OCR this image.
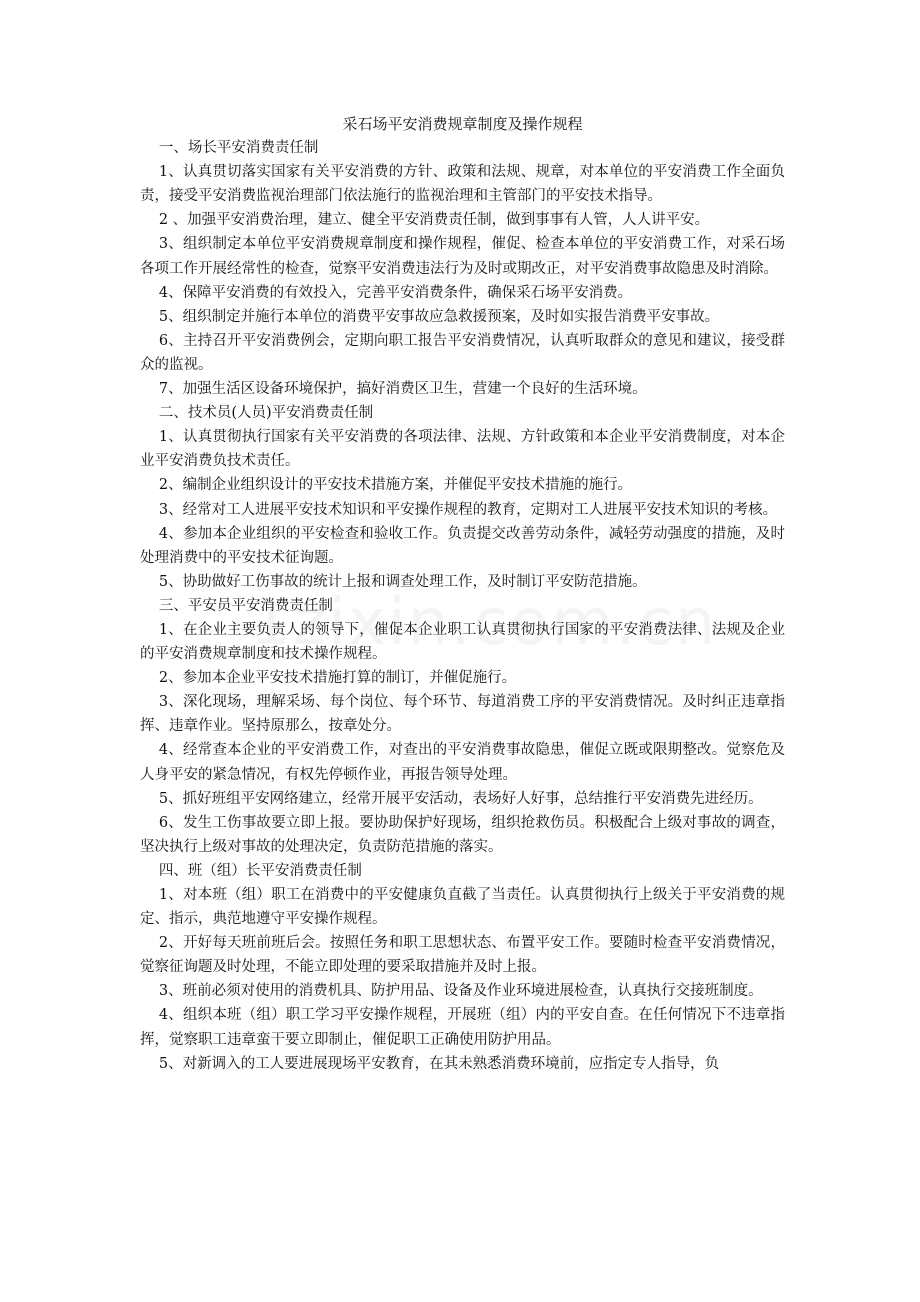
采石场平安消费规章制度及操作规程

一、场长平安消费责任制

1、认真贯切落实国家有关平安消费的方针、政策和法规、规章，对本单位的平安消费工作全面负责，接受平安消费监视治理部门依法施行的监视治理和主管部门的平安技术指导。

2 、加强平安消费治理，建立、健全平安消费责任制，做到事事有人管，人人讲平安。

3、组织制定本单位平安消费规章制度和操作规程，催促、检查本单位的平安消费工作，对采石场各项工作开展经常性的检查，觉察平安消费违法行为及时或期改正，对平安消费事故隐患及时消除。

4、保障平安消费的有效投入，完善平安消费条件，确保采石场平安消费。

5、组织制定并施行本单位的消费平安事故应急救援预案，及时如实报告消费平安事故。

6、主持召开平安消费例会，定期向职工报告平安消费情况，认真听取群众的意见和建议，接受群众的监视。

7、加强生活区设备环境保护，搞好消费区卫生，营建一个良好的生活环境。

二、技术员(人员)平安消费责任制

1、认真贯彻执行国家有关平安消费的各项法律、法规、方针政策和本企业平安消费制度，对本企业平安消费负技术责任。

2、编制企业组织设计的平安技术措施方案，并催促平安技术措施的施行。

3、经常对工人进展平安技术知识和平安操作规程的教育，定期对工人进展平安技术知识的考核。

4、参加本企业组织的平安检查和验收工作。负责提交改善劳动条件，减轻劳动强度的措施，及时处理消费中的平安技术征询题。

5、协助做好工伤事故的统计上报和调查处理工作，及时制订平安防范措施。

三、平安员平安消费责任制

1、在企业主要负责人的领导下，催促本企业职工认真贯彻执行国家的平安消费法律、法规及企业的平安消费规章制度和技术操作规程。

2、参加本企业平安技术措施打算的制订，并催促施行。

3、深化现场，理解采场、每个岗位、每个环节、每道消费工序的平安消费情况。及时纠正违章指挥、违章作业。坚持原那么，按章处分。

4、经常查本企业的平安消费工作，对查出的平安消费事故隐患，催促立既或限期整改。觉察危及人身平安的紧急情况，有权先停顿作业，再报告领导处理。

5、抓好班组平安网络建立，经常开展平安活动，表场好人好事，总结推行平安消费先进经历。

6、发生工伤事故要立即上报。要协助保护好现场，组织抢救伤员。积极配合上级对事故的调查，坚决执行上级对事故的处理决定，负责防范措施的落实。

四、班（组）长平安消费责任制

1、对本班（组）职工在消费中的平安健康负直截了当责任。认真贯彻执行上级关于平安消费的规定、指示，典范地遵守平安操作规程。

2、开好每天班前班后会。按照任务和职工思想状态、布置平安工作。要随时检查平安消费情况，觉察征询题及时处理，不能立即处理的要采取措施并及时上报。

3、班前必须对使用的消费机具、防护用品、设备及作业环境进展检查，认真执行交接班制度。

4、组织本班（组）职工学习平安操作规程，开展班（组）内的平安自查。在任何情况下不违章指挥，觉察职工违章蛮干要立即制止，催促职工正确使用防护用品。

5、对新调入的工人要进展现场平安教育，在其未熟悉消费环境前，应指定专人指导，负
